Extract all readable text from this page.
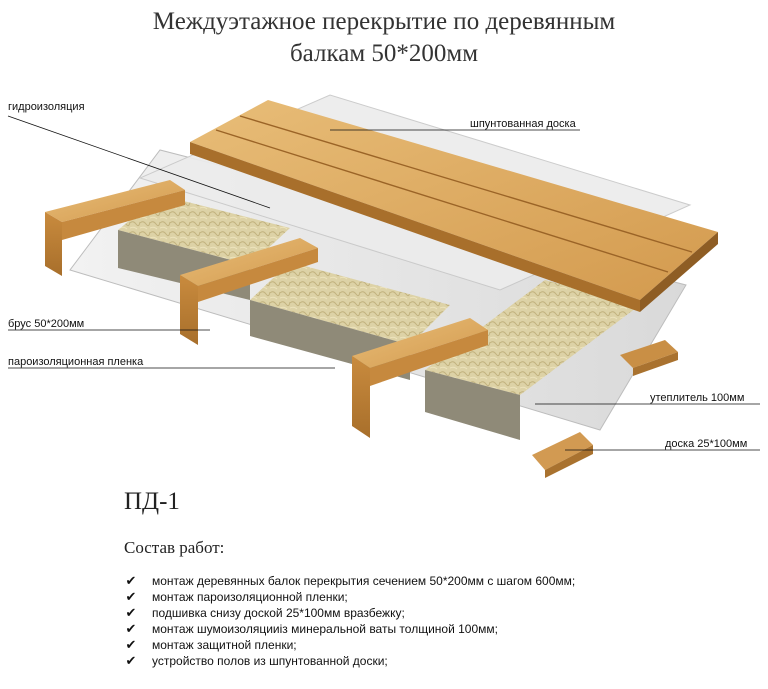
Междуэтажное перекрытие по деревянным
балкам 50*200мм
гидроизоляция
шпунтованная доска
брус 50*200мм
пароизоляционная пленка
утеплитель 100мм
доска 25*100мм
ПД-1
Состав работ:
✔ монтаж деревянных балок перекрытия сечением 50*200мм с шагом 600мм;
✔ монтаж пароизоляционной пленки;
✔ подшивка снизу доской 25*100мм вразбежку;
✔ монтаж шумоизоляцииiз минеральной ваты толщиной 100мм;
✔ монтаж защитной пленки;
✔ устройство полов из шпунтованной доски;
